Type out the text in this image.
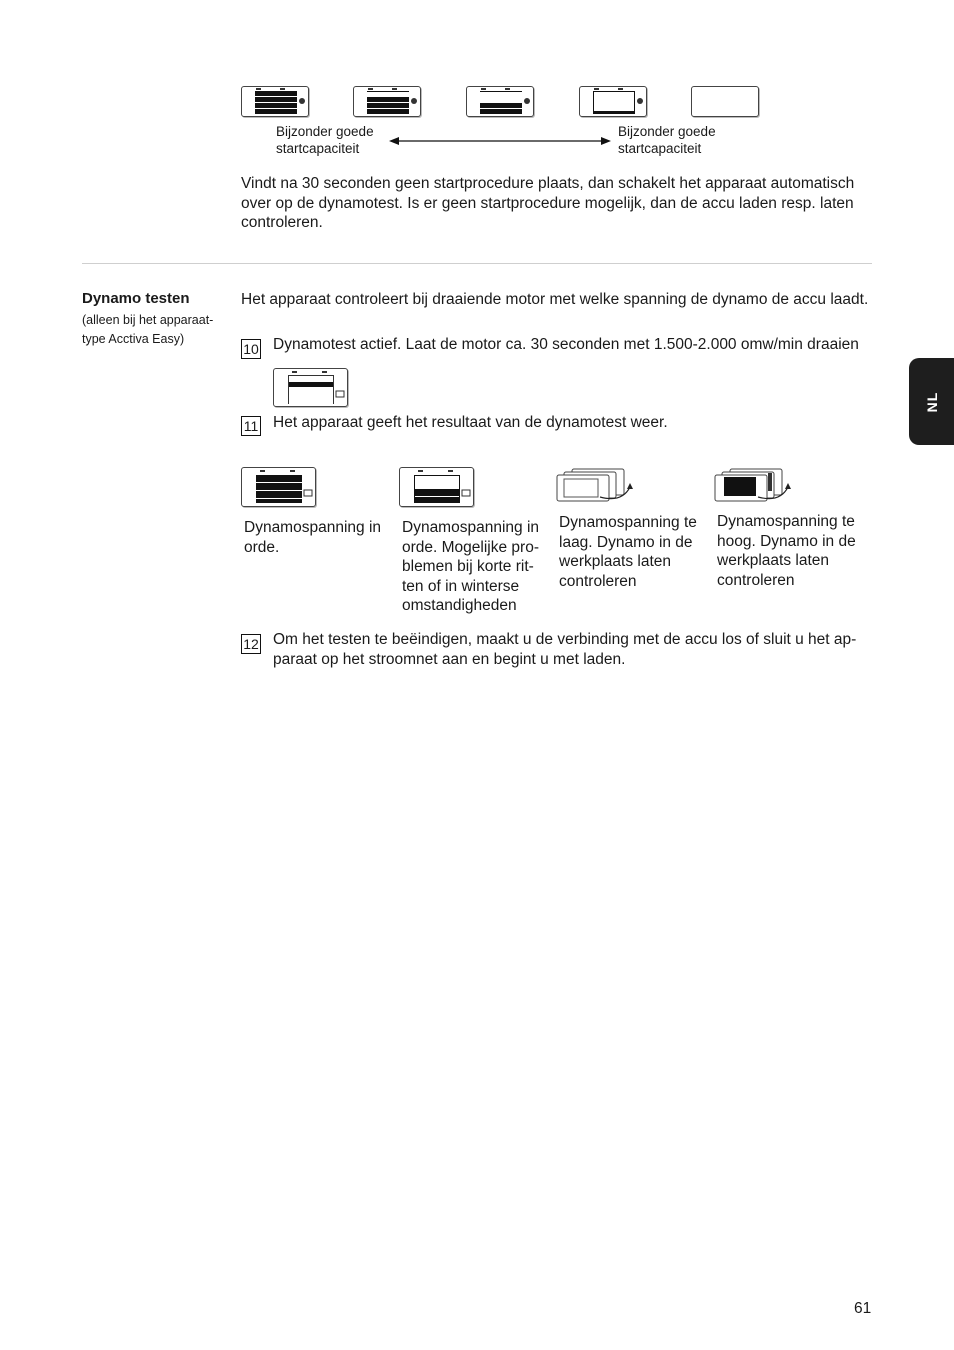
Bijzonder goede
startcapaciteit
Bijzonder goede
startcapaciteit
Vindt na 30 seconden geen startprocedure plaats, dan schakelt het apparaat automatisch over op de dynamotest. Is er geen startprocedure mogelijk, dan de accu laden resp. laten controleren.
Dynamo testen
(alleen bij het apparaat-
type Acctiva Easy)
Het apparaat controleert bij draaiende motor met welke spanning de dynamo de accu laadt.
10 Dynamotest actief. Laat de motor ca. 30 seconden met 1.500-2.000 omw/min draaien
11 Het apparaat geeft het resultaat van de dynamotest weer.
Dynamospanning in
orde.
Dynamospanning in
orde. Mogelijke pro-
blemen bij korte rit-
ten of in winterse
omstandigheden
Dynamospanning te
laag. Dynamo in de
werkplaats laten
controleren
Dynamospanning te
hoog. Dynamo in de
werkplaats laten
controleren
12 Om het testen te beëindigen, maakt u de verbinding met de accu los of sluit u het ap-
paraat op het stroomnet aan en begint u met laden.
NL
61
